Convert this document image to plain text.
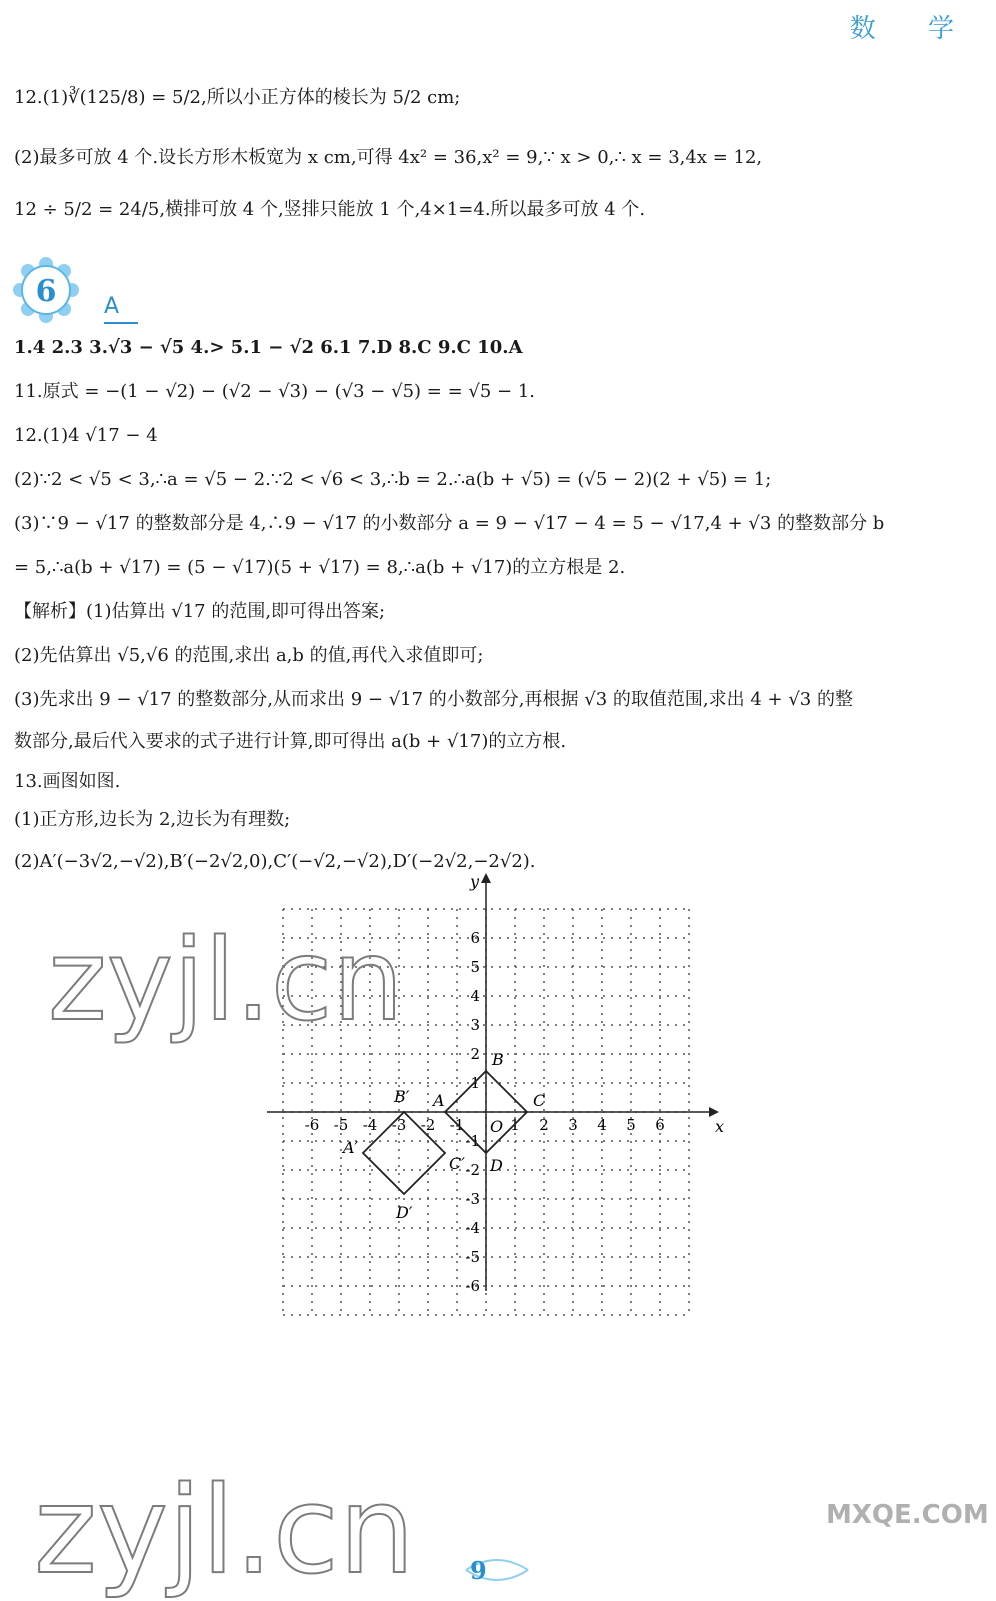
数 学
12.(1)∛(125/8) = 5/2,所以小正方体的棱长为 5/2 cm;
(2)最多可放 4 个.设长方形木板宽为 x cm,可得 4x² = 36,x² = 9,∵ x > 0,∴ x = 3,4x = 12,
12 ÷ 5/2 = 24/5,横排可放 4 个,竖排只能放 1 个,4×1=4.所以最多可放 4 个.
6 A
1.4 2.3 3.√3 − √5 4.> 5.1 − √2 6.1 7.D 8.C 9.C 10.A
11.原式 = −(1 − √2) − (√2 − √3) − (√3 − √5) = = √5 − 1.
12.(1)4 √17 − 4
(2)∵2 < √5 < 3,∴a = √5 − 2.∵2 < √6 < 3,∴b = 2.∴a(b + √5) = (√5 − 2)(2 + √5) = 1;
(3)∵9 − √17 的整数部分是 4,∴9 − √17 的小数部分 a = 9 − √17 − 4 = 5 − √17,4 + √3 的整数部分 b
= 5,∴a(b + √17) = (5 − √17)(5 + √17) = 8,∴a(b + √17)的立方根是 2.
【解析】(1)估算出 √17 的范围,即可得出答案;
(2)先估算出 √5,√6 的范围,求出 a,b 的值,再代入求值即可;
(3)先求出 9 − √17 的整数部分,从而求出 9 − √17 的小数部分,再根据 √3 的取值范围,求出 4 + √3 的整
数部分,最后代入要求的式子进行计算,即可得出 a(b + √17)的立方根.
13.画图如图.
(1)正方形,边长为 2,边长为有理数;
(2)A′(−3√2,−√2),B′(−2√2,0),C′(−√2,−√2),D′(−2√2,−2√2).
-6 -5 -4 -3 -2 -1	1 2 3 4 5 6
-6
-5
-4
-3
-2
-1
1
2
3
4
5
6
A
B
C
D
A′
B′
C′
D′
x
y
O
zyjl.cn
zyjl.cn	MXQE.COM
9
